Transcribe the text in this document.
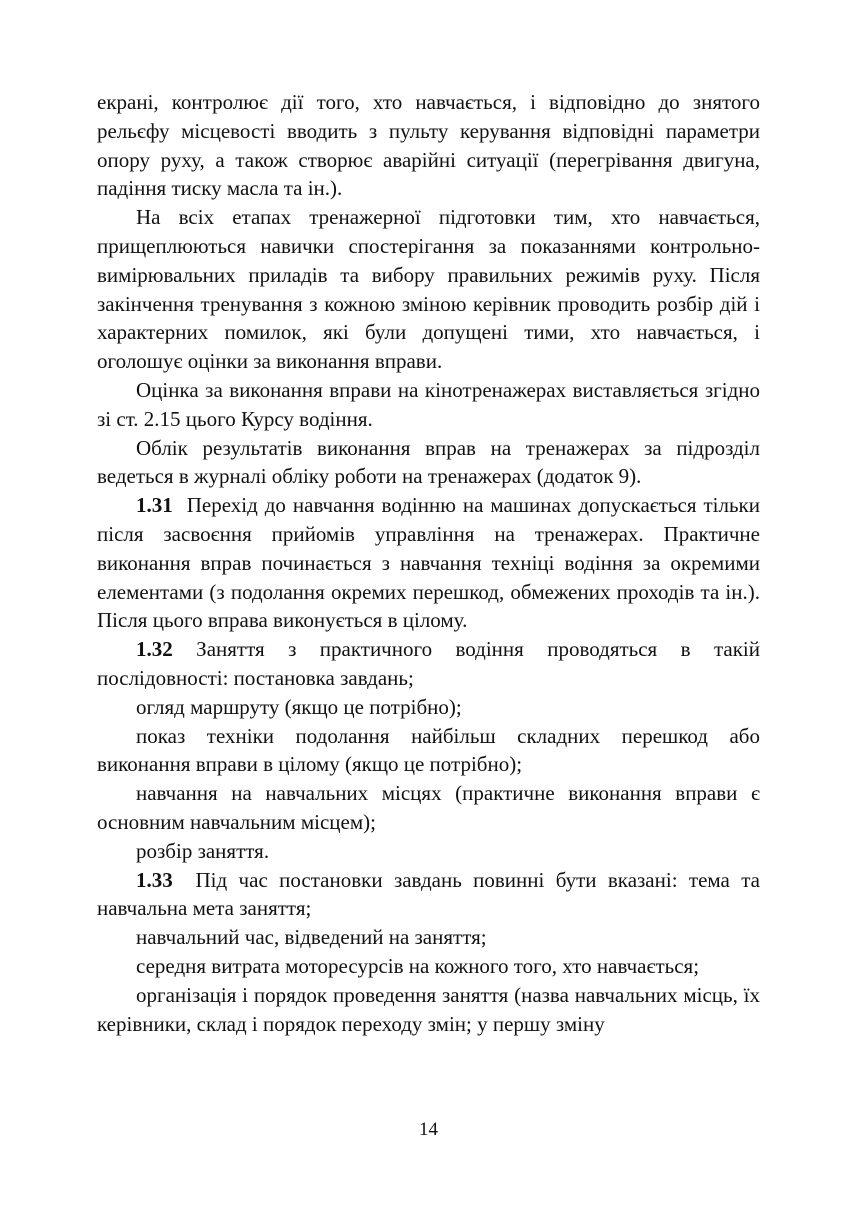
екрані, контролює дії того, хто навчається, і відповідно до знятого рельєфу місцевості вводить з пульту керування відповідні параметри опору руху, а також створює аварійні ситуації (перегрівання двигуна, падіння тиску масла та ін.).

На всіх етапах тренажерної підготовки тим, хто навчається, прищеплюються навички спостерігання за показаннями контрольно-вимірювальних приладів та вибору правильних режимів руху. Після закінчення тренування з кожною зміною керівник проводить розбір дій і характерних помилок, які були допущені тими, хто навчається, і оголошує оцінки за виконання вправи.

Оцінка за виконання вправи на кінотренажерах виставляється згідно зі ст. 2.15 цього Курсу водіння.

Облік результатів виконання вправ на тренажерах за підрозділ ведеться в журналі обліку роботи на тренажерах (додаток 9).

1.31 Перехід до навчання водінню на машинах допускається тільки після засвоєння прийомів управління на тренажерах. Практичне виконання вправ починається з навчання техніці водіння за окремими елементами (з подолання окремих перешкод, обмежених проходів та ін.). Після цього вправа виконується в цілому.

1.32 Заняття з практичного водіння проводяться в такій послідовності: постановка завдань;

огляд маршруту (якщо це потрібно);

показ техніки подолання найбільш складних перешкод або виконання вправи в цілому (якщо це потрібно);

навчання на навчальних місцях (практичне виконання вправи є основним навчальним місцем);

розбір заняття.

1.33 Під час постановки завдань повинні бути вказані: тема та навчальна мета заняття;

навчальний час, відведений на заняття;

середня витрата моторесурсів на кожного того, хто навчається;

організація і порядок проведення заняття (назва навчальних місць, їх керівники, склад і порядок переходу змін; у першу зміну

14
